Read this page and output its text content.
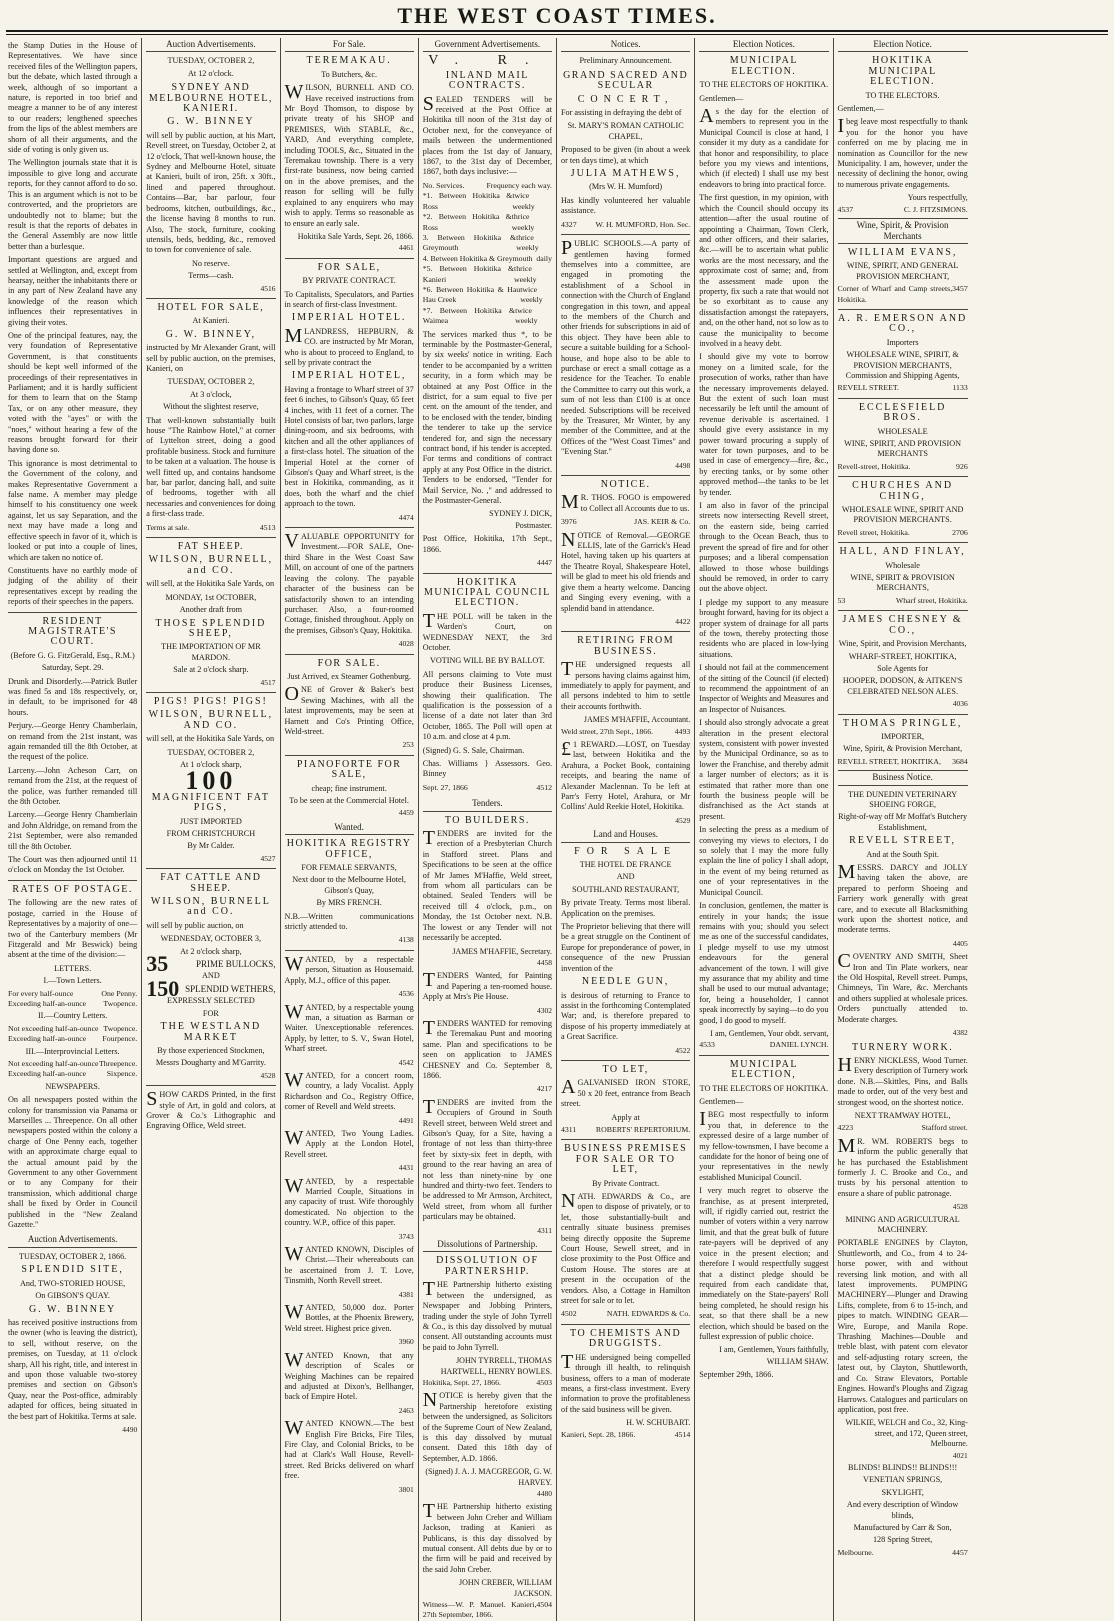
THE WEST COAST TIMES.
the Stamp Duties in the House of Representatives. We have since received files of the Wellington papers, but the debate, which lasted through a week, although of so important a nature, is reported in too brief and meagre a manner to be of any interest to our readers; lengthened speeches from the lips of the ablest members are shorn of all their arguments, and the side of voting is only given us.
The Wellington journals state that it is impossible to give long and accurate reports, for they cannot afford to do so. This is an argument which is not to be controverted, and the proprietors are undoubtedly not to blame; but the result is that the reports of debates in the General Assembly are now little better than a burlesque.
Important questions are argued and settled at Wellington, and, except from hearsay, neither the inhabitants there or in any part of New Zealand have any knowledge of the reason which influences their representatives in giving their votes.
One of the principal features, nay, the very foundation of Representative Government, is that constituents should be kept well informed of the proceedings of their representatives in Parliament; and it is hardly sufficient for them to learn that on the Stamp Tax, or on any other measure, they voted with the "ayes" or with the "noes," without hearing a few of the reasons brought forward for their having done so.
This ignorance is most detrimental to the Government of the colony, and makes Representative Government a false name. A member may pledge himself to his constituency one week against, let us say Separation, and the next may have made a long and effective speech in favor of it, which is looked or put into a couple of lines, which are taken no notice of.
Constituents have no earthly mode of judging of the ability of their representatives except by reading the reports of their speeches in the papers.
RESIDENT MAGISTRATE'S COURT.
(Before G. G. FitzGerald, Esq., R.M.)
Saturday, Sept. 29.
Drunk and Disorderly.—Patrick Butler was fined 5s and 18s respectively, or, in default, to be imprisoned for 48 hours.
Perjury.—George Henry Chamberlain, on remand from the 21st instant, was again remanded till the 8th October, at the request of the police.
Larceny.—John Acheson Carr, on remand from the 21st, at the request of the police, was further remanded till the 8th October.
Larceny.—George Henry Chamberlain and John Aldridge, on remand from the 21st September, were also remanded till the 8th October.
The Court was then adjourned until 11 o'clock on Monday the 1st October.
RATES OF POSTAGE.
The following are the new rates of postage, carried in the House of Representatives by a majority of one—two of the Canterbury members (Mr Fitzgerald and Mr Beswick) being absent at the time of the division:—
LETTERS.
I.—Town Letters.
For every half-ounce	One Penny.
Exceeding half-an-ounce Twopence.
II.—Country Letters.
Not exceeding half-an-ounce Twopence.
Exceeding half-an-ounce Fourpence.
III.—Interprovincial Letters.
Not exceeding half-an-ounce Threepence.
Exceeding half-an-ounce	Sixpence.
NEWSPAPERS.
On all newspapers posted within the colony for transmission via Panama or Marseilles ... Threepence. On all other newspapers posted within the colony a charge of One Penny each, together with an approximate charge equal to the actual amount paid by the Government to any other Government or to any Company for their transmission, which additional charge shall be fixed by Order in Council published in the "New Zealand Gazette."
Auction Advertisements.
TUESDAY, OCTOBER 2, 1866.
SPLENDID SITE,
And, TWO-STORIED HOUSE,
On GIBSON'S QUAY.
G. W. BINNEY
has received positive instructions from the owner (who is leaving the district), to sell, without reserve, on the premises, on Tuesday, at 11 o'clock sharp, All his right, title, and interest in and upon those valuable two-storey premises and section on Gibson's Quay, near the Post-office, admirably adapted for offices, being situated in the best part of Hokitika. Terms at sale.
4490
Auction Advertisements.
TUESDAY, OCTOBER 2,
At 12 o'clock.
SYDNEY AND MELBOURNE HOTEL, KANIERI.
G. W. BINNEY
will sell by public auction, at his Mart, Revell street, on Tuesday, October 2, at 12 o'clock, That well-known house, the Sydney and Melbourne Hotel, situate at Kanieri, built of iron, 25ft. x 30ft., lined and papered throughout. Contains—Bar, bar parlour, four bedrooms, kitchen, outbuildings, &c., the license having 8 months to run. Also, The stock, furniture, cooking utensils, beds, bedding, &c., removed to town for convenience of sale.
No reserve.
Terms—cash.
4516
HOTEL FOR SALE,
At Kanieri.
G. W. BINNEY,
instructed by Mr Alexander Grant, will sell by public auction, on the premises, Kanieri, on
TUESDAY, OCTOBER 2,
At 3 o'clock,
Without the slightest reserve,
That well-known substantially built house "The Rainbow Hotel," at corner of Lyttelton street, doing a good profitable business. Stock and furniture to be taken at a valuation. The house is well fitted up, and contains handsome bar, bar parlor, dancing hall, and suite of bedrooms, together with all necessaries and conveniences for doing a first-class trade.
Terms at sale.	4513
FAT SHEEP.
WILSON, BURNELL, and CO.
will sell, at the Hokitika Sale Yards, on
MONDAY, 1st OCTOBER,
Another draft from
THOSE SPLENDID SHEEP,
THE IMPORTATION OF MR MARDON.
Sale at 2 o'clock sharp.
4517
PIGS! PIGS! PIGS!
WILSON, BURNELL, AND CO.
will sell, at the Hokitika Sale Yards, on
TUESDAY, OCTOBER 2,
At 1 o'clock sharp,
100
MAGNIFICENT FAT PIGS,
JUST IMPORTED
FROM CHRISTCHURCH
By Mr Calder.
4527
FAT CATTLE AND SHEEP.
WILSON, BURNELL and CO.
will sell by public auction, on
WEDNESDAY, OCTOBER 3,
At 2 o'clock sharp,
35	PRIME BULLOCKS,
AND
150 SPLENDID WETHERS,
EXPRESSLY SELECTED
FOR
THE WESTLAND MARKET
By those experienced Stockmen,
Messrs Dougharty and M'Garrity.
4528
SHOW CARDS Printed, in the first style of Art, in gold and colors, at Grover & Co.'s Lithographic and Engraving Office, Weld street.
For Sale.
TEREMAKAU.
To Butchers, &c.
WILSON, BURNELL AND CO. Have received instructions from Mr Boyd Thomson, to dispose by private treaty of his SHOP and PREMISES, With STABLE, &c., YARD, And everything complete, including TOOLS, &c., Situated in the Teremakau township. There is a very first-rate business, now being carried on in the above premises, and the reason for selling will be fully explained to any enquirers who may wish to apply. Terms so reasonable as to ensure an early sale.
Hokitika Sale Yards, Sept. 26, 1866.
4461
FOR SALE,
BY PRIVATE CONTRACT.
To Capitalists, Speculators, and Parties in search of first-class Investment.
IMPERIAL HOTEL.
MLANDRESS, HEPBURN, & CO. are instructed by Mr Moran, who is about to proceed to England, to sell by private contract the
IMPERIAL HOTEL,
Having a frontage to Wharf street of 37 feet 6 inches, to Gibson's Quay, 65 feet 4 inches, with 11 feet of a corner. The Hotel consists of bar, two parlors, large dining-room, and six bedrooms, with kitchen and all the other appliances of a first-class hotel. The situation of the Imperial Hotel at the corner of Gibson's Quay and Wharf street, is the best in Hokitika, commanding, as it does, both the wharf and the chief approach to the town.
4474
VALUABLE OPPORTUNITY for Investment.—FOR SALE, One-third Share in the West Coast Saw Mill, on account of one of the partners leaving the colony. The payable character of the business can be satisfactorily shown to an intending purchaser. Also, a four-roomed Cottage, finished throughout. Apply on the premises, Gibson's Quay, Hokitika.
4028
FOR SALE.
Just Arrived, ex Steamer Gothenburg.
ONE of Grover & Baker's best Sewing Machines, with all the latest improvements, may be seen at Harnett and Co's Printing Office, Weld-street.
253
PIANOFORTE FOR SALE,
cheap; fine instrument.
To be seen at the Commercial Hotel.
4459
Wanted.
HOKITIKA REGISTRY OFFICE,
FOR FEMALE SERVANTS,
Next door to the Melbourne Hotel, Gibson's Quay,
By MRS FRENCH.
N.B.—Written communications strictly attended to.
4138
WANTED, by a respectable person, Situation as Housemaid. Apply, M.J., office of this paper.
4536
WANTED, by a respectable young man, a situation as Barman or Waiter. Unexceptionable references. Apply, by letter, to S. V., Swan Hotel, Wharf street.
4542
WANTED, for a concert room, country, a lady Vocalist. Apply Richardson and Co., Registry Office, corner of Revell and Weld streets.
4491
WANTED, Two Young Ladies. Apply at the London Hotel, Revell street.
4431
WANTED, by a respectable Married Couple, Situations in any capacity of trust. Wife thoroughly domesticated. No objection to the country. W.P., office of this paper.
3743
WANTED KNOWN, Disciples of Christ.—Their whereabouts can be ascertained from J. T. Love, Tinsmith, North Revell street.
4381
WANTED, 50,000 doz. Porter Bottles, at the Phoenix Brewery, Weld street. Highest price given.
3960
WANTED Known, that any description of Scales or Weighing Machines can be repaired and adjusted at Dixon's, Bellhanger, back of Empire Hotel.
2463
WANTED KNOWN.—The best English Fire Bricks, Fire Tiles, Fire Clay, and Colonial Bricks, to be had at Clark's Wall House, Revell-street. Red Bricks delivered on wharf free.
3801
Government Advertisements.
V. R.
INLAND MAIL CONTRACTS.
SEALED TENDERS will be received at the Post Office at Hokitika till noon of the 31st day of October next, for the conveyance of mails between the undermentioned places from the 1st day of January, 1867, to the 31st day of December, 1867, both days inclusive:—
No. Services.	Frequency each way.
*1. Between Hokitika & Ross
twice weekly
*2. Between Hokitika & Ross
thrice weekly
3. Between Hokitika & Greymouth
thrice weekly
4. Between Hokitika & Greymouth daily
*5. Between Hokitika & Kanieri
thrice weekly
*6. Between Hokitika & Hau Hau Creek
twice weekly
*7. Between Hokitika & Waimea
twice weekly
The services marked thus *, to be terminable by the Postmaster-General, by six weeks' notice in writing. Each tender to be accompanied by a written security, in a form which may be obtained at any Post Office in the district, for a sum equal to five per cent. on the amount of the tender, and to be enclosed with the tender, binding the tenderer to take up the service tendered for, and sign the necessary contract bond, if his tender is accepted. For terms and conditions of contract apply at any Post Office in the district. Tenders to be endorsed, "Tender for Mail Service, No. ," and addressed to the Postmaster-General.
SYDNEY J. DICK,
Postmaster.
Post Office, Hokitika, 17th Sept., 1866.
4447
HOKITIKA MUNICIPAL COUNCIL ELECTION.
THE POLL will be taken in the Warden's Court, on WEDNESDAY NEXT, the 3rd October.
VOTING WILL BE BY BALLOT.
All persons claiming to Vote must produce their Business Licenses, showing their qualification. The qualification is the possession of a license of a date not later than 3rd October, 1865. The Poll will open at 10 a.m. and close at 4 p.m.
(Signed) G. S. Sale, Chairman.
Chas. Williams } Assessors. Geo. Binney
Sept. 27, 1866	4512
Tenders.
TO BUILDERS.
TENDERS are invited for the erection of a Presbyterian Church in Stafford street. Plans and Specifications to be seen at the office of Mr James M'Haffie, Weld street, from whom all particulars can be obtained. Sealed Tenders will be received till 4 o'clock, p.m., on Monday, the 1st October next. N.B. The lowest or any Tender will not necessarily be accepted.
JAMES M'HAFFIE, Secretary.
4458
TENDERS Wanted, for Painting and Papering a ten-roomed house. Apply at Mrs's Pie House.
4302
TENDERS WANTED for removing the Teremakau Punt and mooring same. Plan and specifications to be seen on application to JAMES CHESNEY and Co. September 8, 1866.
4217
TENDERS are invited from the Occupiers of Ground in South Revell street, between Weld street and Gibson's Quay, for a Site, having a frontage of not less than thirty-three feet by sixty-six feet in depth, with ground to the rear having an area of not less than ninety-nine by one hundred and thirty-two feet. Tenders to be addressed to Mr Armson, Architect, Weld street, from whom all further particulars may be obtained.
4311
Dissolutions of Partnership.
DISSOLUTION OF PARTNERSHIP.
THE Partnership hitherto existing between the undersigned, as Newspaper and Jobbing Printers, trading under the style of John Tyrrell & Co., is this day dissolved by mutual consent. All outstanding accounts must be paid to John Tyrrell.
JOHN TYRRELL, THOMAS HARTWELL, HENRY BOWLES.
Hokitika, Sept. 27, 1866.	4503
NOTICE is hereby given that the Partnership heretofore existing between the undersigned, as Solicitors of the Supreme Court of New Zealand, is this day dissolved by mutual consent. Dated this 18th day of September, A.D. 1866.
(Signed) J. A. J. MACGREGOR, G. W. HARVEY.
4480
THE Partnership hitherto existing between John Creber and William Jackson, trading at Kanieri as Publicans, is this day dissolved by mutual consent. All debts due by or to the firm will be paid and received by the said John Creber.
JOHN CREBER, WILLIAM JACKSON.
Witness—W. P. Manuel. Kanieri, 27th September, 1866.
4504
Notices.
Preliminary Announcement.
GRAND SACRED AND SECULAR
CONCERT,
For assisting in defraying the debt of
St. MARY'S ROMAN CATHOLIC CHAPEL,
Proposed to be given (in about a week or ten days time), at which
JULIA MATHEWS,
(Mrs W. H. Mumford)
Has kindly volunteered her valuable assistance.
4327 W. H. MUMFORD, Hon. Sec.
PUBLIC SCHOOLS.—A party of gentlemen having formed themselves into a committee, are engaged in promoting the establishment of a School in connection with the Church of England congregation in this town, and appeal to the members of the Church and other friends for subscriptions in aid of this object. They have been able to secure a suitable building for a School-house, and hope also to be able to purchase or erect a small cottage as a residence for the Teacher. To enable the Committee to carry out this work, a sum of not less than £100 is at once needed. Subscriptions will be received by the Treasurer, Mr Winter, by any member of the Committee, and at the Offices of the "West Coast Times" and "Evening Star."
4498
NOTICE.
MR. THOS. FOGO is empowered to Collect all Accounts due to us.
3976	JAS. KEIR & Co.
NOTICE of Removal.—GEORGE ELLIS, late of the Garrick's Head Hotel, having taken up his quarters at the Theatre Royal, Shakespeare Hotel, will be glad to meet his old friends and give them a hearty welcome. Dancing and Singing every evening, with a splendid band in attendance.
4422
RETIRING FROM BUSINESS.
THE undersigned requests all persons having claims against him, immediately to apply for payment, and all persons indebted to him to settle their accounts forthwith.
JAMES M'HAFFIE, Accountant.
Weld street, 27th Sept., 1866.	4493
£1 REWARD.—LOST, on Tuesday last, between Hokitika and the Arahura, a Pocket Book, containing receipts, and bearing the name of Alexander Maclennan. To be left at Parr's Ferry Hotel, Arahura, or Mr Collins' Auld Reekie Hotel, Hokitika.
4529
Land and Houses.
FOR SALE
THE HOTEL DE FRANCE
AND
SOUTHLAND RESTAURANT,
By private Treaty. Terms most liberal. Application on the premises.
The Proprietor believing that there will be a great struggle on the Continent of Europe for preponderance of power, in consequence of the new Prussian invention of the
NEEDLE GUN,
is desirous of returning to France to assist in the forthcoming Contemplated War; and, is therefore prepared to dispose of his property immediately at a Great Sacrifice.
4522
TO LET,
AGALVANISED IRON STORE, 50 x 20 feet, entrance from Beach street.
Apply at
4311	ROBERTS' REPERTORIUM.
BUSINESS PREMISES FOR SALE OR TO LET,
By Private Contract.
NATH. EDWARDS & Co., are open to dispose of privately, or to let, those substantially-built and centrally situate business premises being directly opposite the Supreme Court House, Sewell street, and in close proximity to the Post Office and Custom House. The stores are at present in the occupation of the vendors. Also, a Cottage in Hamilton street for sale or to let.
4502	NATH. EDWARDS & Co.
TO CHEMISTS AND DRUGGISTS.
THE undersigned being compelled through ill health, to relinquish business, offers to a man of moderate means, a first-class investment. Every information to prove the profitableness of the said business will be given.
H. W. SCHUBART.
Kanieri, Sept. 28, 1866.	4514
Election Notices.
MUNICIPAL ELECTION.
TO THE ELECTORS OF HOKITIKA.
Gentlemen—
As the day for the election of members to represent you in the Municipal Council is close at hand, I consider it my duty as a candidate for that honor and responsibility, to place before you my views and intentions, which (if elected) I shall use my best endeavors to bring into practical force.
The first question, in my opinion, with which the Council should occupy its attention—after the usual routine of appointing a Chairman, Town Clerk, and other officers, and their salaries, &c.—will be to ascertain what public works are the most necessary, and the approximate cost of same; and, from the assessment made upon the property, fix such a rate that would not be so exorbitant as to cause any dissatisfaction amongst the ratepayers, and, on the other hand, not so low as to cause the municipality to become involved in a heavy debt.
I should give my vote to borrow money on a limited scale, for the prosecution of works, rather than have the necessary improvements delayed. But the extent of such loan must necessarily be left until the amount of revenue derivable is ascertained. I should give every assistance in my power toward procuring a supply of water for town purposes, and to be used in case of emergency—fire, &c., by erecting tanks, or by some other approved method—the tanks to be let by tender.
I am also in favor of the principal streets now intersecting Revell street, on the eastern side, being carried through to the Ocean Beach, thus to prevent the spread of fire and for other purposes; and a liberal compensation allowed to those whose buildings should be removed, in order to carry out the above object.
I pledge my support to any measure brought forward, having for its object a proper system of drainage for all parts of the town, thereby protecting those residents who are placed in low-lying situations.
I should not fail at the commencement of the sitting of the Council (if elected) to recommend the appointment of an Inspector of Weights and Measures and an Inspector of Nuisances.
I should also strongly advocate a great alteration in the present electoral system, consistent with power invested by the Municipal Ordinance, so as to lower the Franchise, and thereby admit a larger number of electors; as it is estimated that rather more than one fourth the business people will be disfranchised as the Act stands at present.
In selecting the press as a medium of conveying my views to electors, I do so solely that I may the more fully explain the line of policy I shall adopt, in the event of my being returned as one of your representatives in the Municipal Council.
In conclusion, gentlemen, the matter is entirely in your hands; the issue remains with you; should you select me as one of the successful candidates, I pledge myself to use my utmost endeavours for the general advancement of the town. I will give my assurance that my ability and time shall be used to our mutual advantage; for, being a householder, I cannot speak incorrectly by saying—to do you good, I do good to myself.
I am, Gentlemen, Your obdt. servant,
4533	DANIEL LYNCH.
MUNICIPAL ELECTION,
TO THE ELECTORS OF HOKITIKA.
Gentlemen—
IBEG most respectfully to inform you that, in deference to the expressed desire of a large number of my fellow-townsmen, I have become a candidate for the honor of being one of your representatives in the newly established Municipal Council.
I very much regret to observe the franchise, as at present interpreted, will, if rigidly carried out, restrict the number of voters within a very narrow limit, and that the great bulk of future rate-payers will be deprived of any voice in the present election; and therefore I would respectfully suggest that a distinct pledge should be required from each candidate that, immediately on the State-payers' Roll being completed, he should resign his seat, so that there shall be a new election, which should be based on the fullest expression of public choice.
I am, Gentlemen, Yours faithfully,
WILLIAM SHAW.
September 29th, 1866.
Election Notice.
HOKITIKA MUNICIPAL ELECTION.
TO THE ELECTORS.
Gentlemen,—
Ibeg leave most respectfully to thank you for the honor you have conferred on me by placing me in nomination as Councillor for the new Municipality. I am, however, under the necessity of declining the honor, owing to numerous private engagements.
Yours respectfully,
4537	C. J. FITZSIMONS.
Wine, Spirit, & Provision Merchants
WILLIAM EVANS,
WINE, SPIRIT, AND GENERAL PROVISION MERCHANT,
Corner of Wharf and Camp streets, Hokitika.
3457
A. R. EMERSON AND CO.,
Importers
WHOLESALE WINE, SPIRIT, & PROVISION MERCHANTS, Commission and Shipping Agents,
REVELL STREET.	1133
ECCLESFIELD BROS.
WHOLESALE
WINE, SPIRIT, AND PROVISION MERCHANTS
Revell-street, Hokitika.	926
CHURCHES AND CHING,
WHOLESALE WINE, SPIRIT AND PROVISION MERCHANTS.
Revell street, Hokitika.	2706
HALL, AND FINLAY,
Wholesale
WINE, SPIRIT & PROVISION MERCHANTS,
53	Wharf street, Hokitika.
JAMES CHESNEY & CO.,
Wine, Spirit, and Provision Merchants,
WHARF-STREET, HOKITIKA,
Sole Agents for
HOOPER, DODSON, & AITKEN'S CELEBRATED NELSON ALES.
4036
THOMAS PRINGLE,
IMPORTER,
Wine, Spirit, & Provision Merchant,
REVELL STREET, HOKITIKA, 3684
Business Notice.
THE DUNEDIN VETERINARY SHOEING FORGE,
Right-of-way off Mr Moffat's Butchery Establishment,
REVELL STREET,
And at the South Spit.
MESSRS. DARCY and JOLLY having taken the above, are prepared to perform Shoeing and Farriery work generally with great care, and to execute all Blacksmithing work upon the shortest notice, and moderate terms.
4405
COVENTRY AND SMITH, Sheet Iron and Tin Plate workers, near the Old Hospital, Revell street. Pumps, Chimneys, Tin Ware, &c. Merchants and others supplied at wholesale prices. Orders punctually attended to. Moderate charges.
4382
TURNERY WORK.
HENRY NICKLESS, Wood Turner. Every description of Turnery work done. N.B.—Skittles, Pins, and Balls made to order, out of the very best and strongest wood, on the shortest notice.
NEXT TRAMWAY HOTEL,
4223	Stafford street.
MR. WM. ROBERTS begs to inform the public generally that he has purchased the Establishment formerly J. C. Brooke and Co., and trusts by his personal attention to ensure a share of public patronage.
4528
MINING AND AGRICULTURAL MACHINERY.
PORTABLE ENGINES by Clayton, Shuttleworth, and Co., from 4 to 24-horse power, with and without reversing link motion, and with all latest improvements. PUMPING MACHINERY—Plunger and Drawing Lifts, complete, from 6 to 15-inch, and pipes to match. WINDING GEAR—Wire, Europe, and Manila Rope. Thrashing Machines—Double and treble blast, with patent corn elevator and self-adjusting rotary screen, the latest out, by Clayton, Shuttleworth, and Co. Straw Elevators, Portable Engines. Howard's Ploughs and Zigzag Harrows. Catalogues and particulars on application, post free.
WILKIE, WELCH and Co., 32, King-street, and 172, Queen street, Melbourne.
4021
BLINDS! BLINDS!! BLINDS!!!
VENETIAN SPRINGS,
SKYLIGHT,
And every description of Window blinds,
Manufactured by Carr & Son,
128 Spring Street,
Melbourne.	4457
